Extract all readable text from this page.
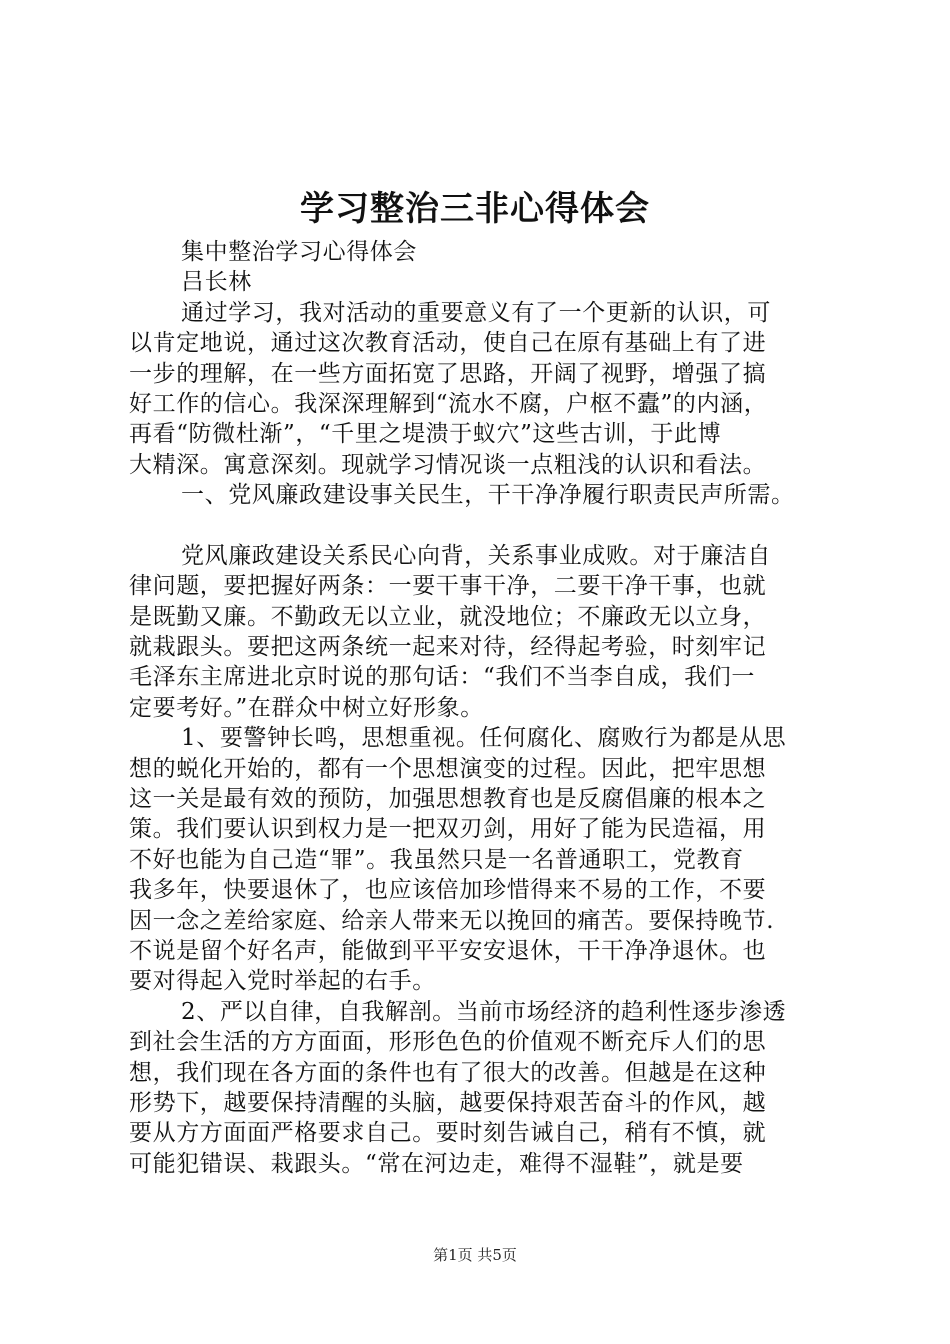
学习整治三非心得体会
集中整治学习心得体会
吕长林
通过学习，我对活动的重要意义有了一个更新的认识，可
以肯定地说，通过这次教育活动，使自己在原有基础上有了进
一步的理解，在一些方面拓宽了思路，开阔了视野，增强了搞
好工作的信心。我深深理解到“流水不腐，户枢不蠹”的内涵，
再看“防微杜渐”，“千里之堤溃于蚁穴”这些古训，于此博
大精深。寓意深刻。现就学习情况谈一点粗浅的认识和看法。
一、党风廉政建设事关民生，干干净净履行职责民声所需。
党风廉政建设关系民心向背，关系事业成败。对于廉洁自
律问题，要把握好两条：一要干事干净，二要干净干事，也就
是既勤又廉。不勤政无以立业，就没地位；不廉政无以立身，
就栽跟头。要把这两条统一起来对待，经得起考验，时刻牢记
毛泽东主席进北京时说的那句话：“我们不当李自成，我们一
定要考好。”在群众中树立好形象。
1、要警钟长鸣，思想重视。任何腐化、腐败行为都是从思
想的蜕化开始的，都有一个思想演变的过程。因此，把牢思想
这一关是最有效的预防，加强思想教育也是反腐倡廉的根本之
策。我们要认识到权力是一把双刃剑，用好了能为民造福，用
不好也能为自己造“罪”。我虽然只是一名普通职工，党教育
我多年，快要退休了，也应该倍加珍惜得来不易的工作，不要
因一念之差给家庭、给亲人带来无以挽回的痛苦。要保持晚节.
不说是留个好名声，能做到平平安安退休，干干净净退休。也
要对得起入党时举起的右手。
2、严以自律，自我解剖。当前市场经济的趋利性逐步渗透
到社会生活的方方面面，形形色色的价值观不断充斥人们的思
想，我们现在各方面的条件也有了很大的改善。但越是在这种
形势下，越要保持清醒的头脑，越要保持艰苦奋斗的作风，越
要从方方面面严格要求自己。要时刻告诫自己，稍有不慎，就
可能犯错误、栽跟头。“常在河边走，难得不湿鞋”，就是要
第1页 共5页
